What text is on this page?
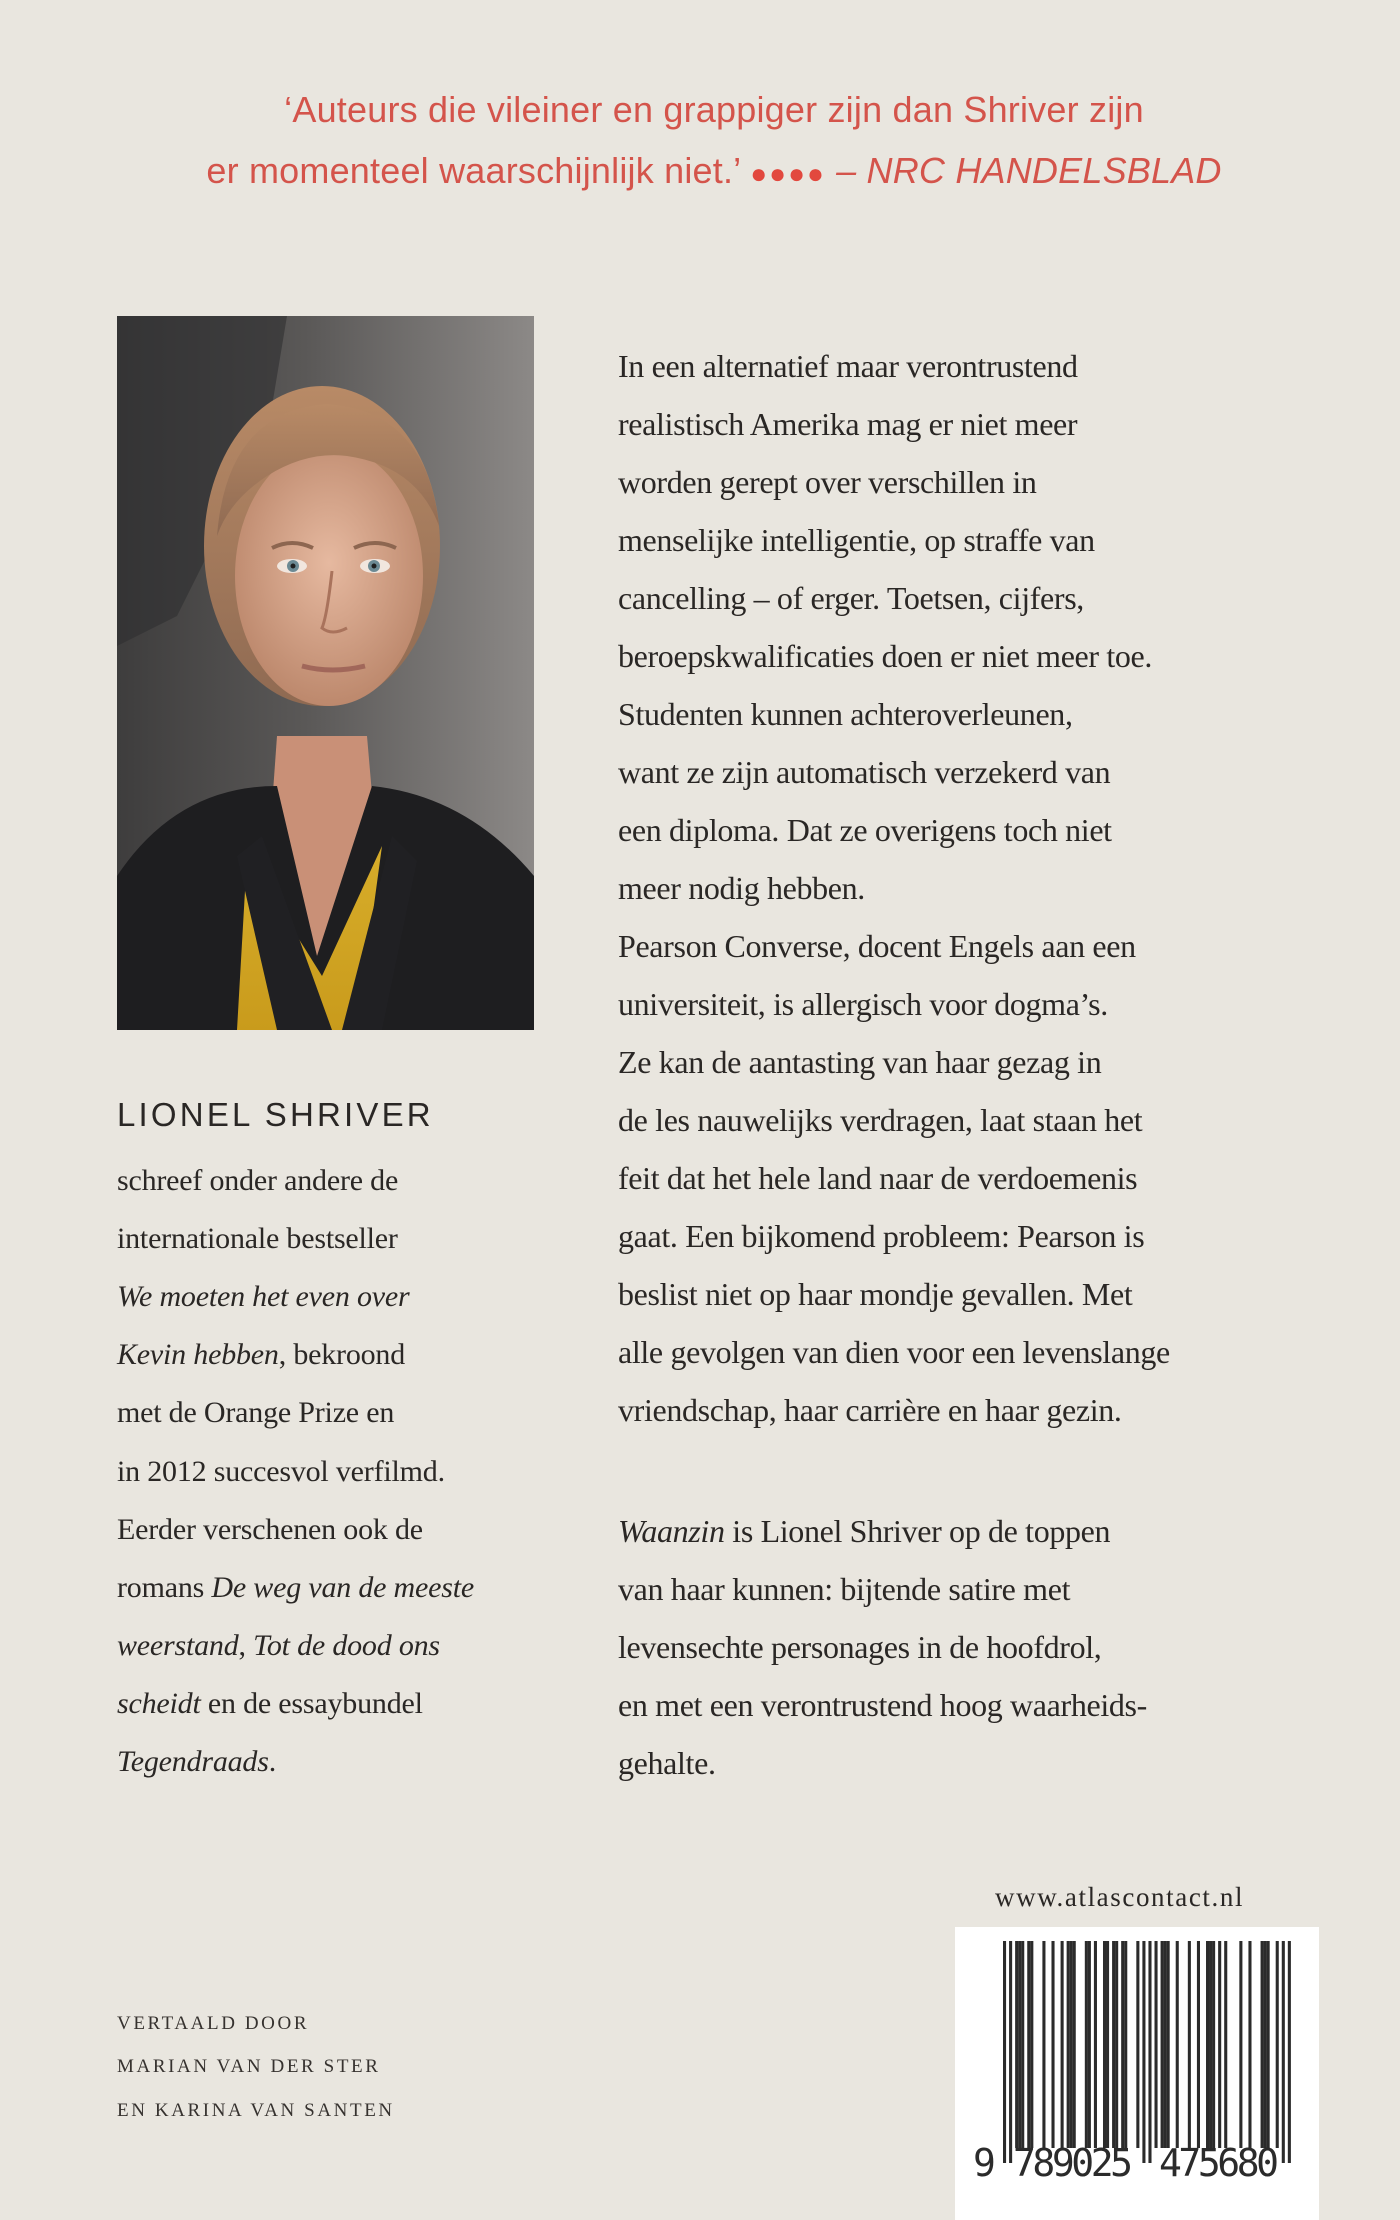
‘Auteurs die vileiner en grappiger zijn dan Shriver zijn
er momenteel waarschijnlijk niet.’ ●●●● – NRC HANDELSBLAD
LIONEL SHRIVER
schreef onder andere de
internationale bestseller
We moeten het even over
Kevin hebben, bekroond
met de Orange Prize en
in 2012 succesvol verfilmd.
Eerder verschenen ook de
romans De weg van de meeste
weerstand, Tot de dood ons
scheidt en de essaybundel
Tegendraads.
In een alternatief maar verontrustend
realistisch Amerika mag er niet meer
worden gerept over verschillen in
menselijke intelligentie, op straffe van
cancelling – of erger. Toetsen, cijfers,
beroepskwalificaties doen er niet meer toe.
Studenten kunnen achteroverleunen,
want ze zijn automatisch verzekerd van
een diploma. Dat ze overigens toch niet
meer nodig hebben.
Pearson Converse, docent Engels aan een
universiteit, is allergisch voor dogma’s.
Ze kan de aantasting van haar gezag in
de les nauwelijks verdragen, laat staan het
feit dat het hele land naar de verdoemenis
gaat. Een bijkomend probleem: Pearson is
beslist niet op haar mondje gevallen. Met
alle gevolgen van dien voor een levenslange
vriendschap, haar carrière en haar gezin.
van haar kunnen: bijtende satire met
levensechte personages in de hoofdrol,
en met een verontrustend hoog waarheids-
gehalte.
Waanzin is Lionel Shriver op de toppen
VERTAALD DOOR
MARIAN VAN DER STER
EN KARINA VAN SANTEN
www.atlascontact.nl
9 789025 475680
